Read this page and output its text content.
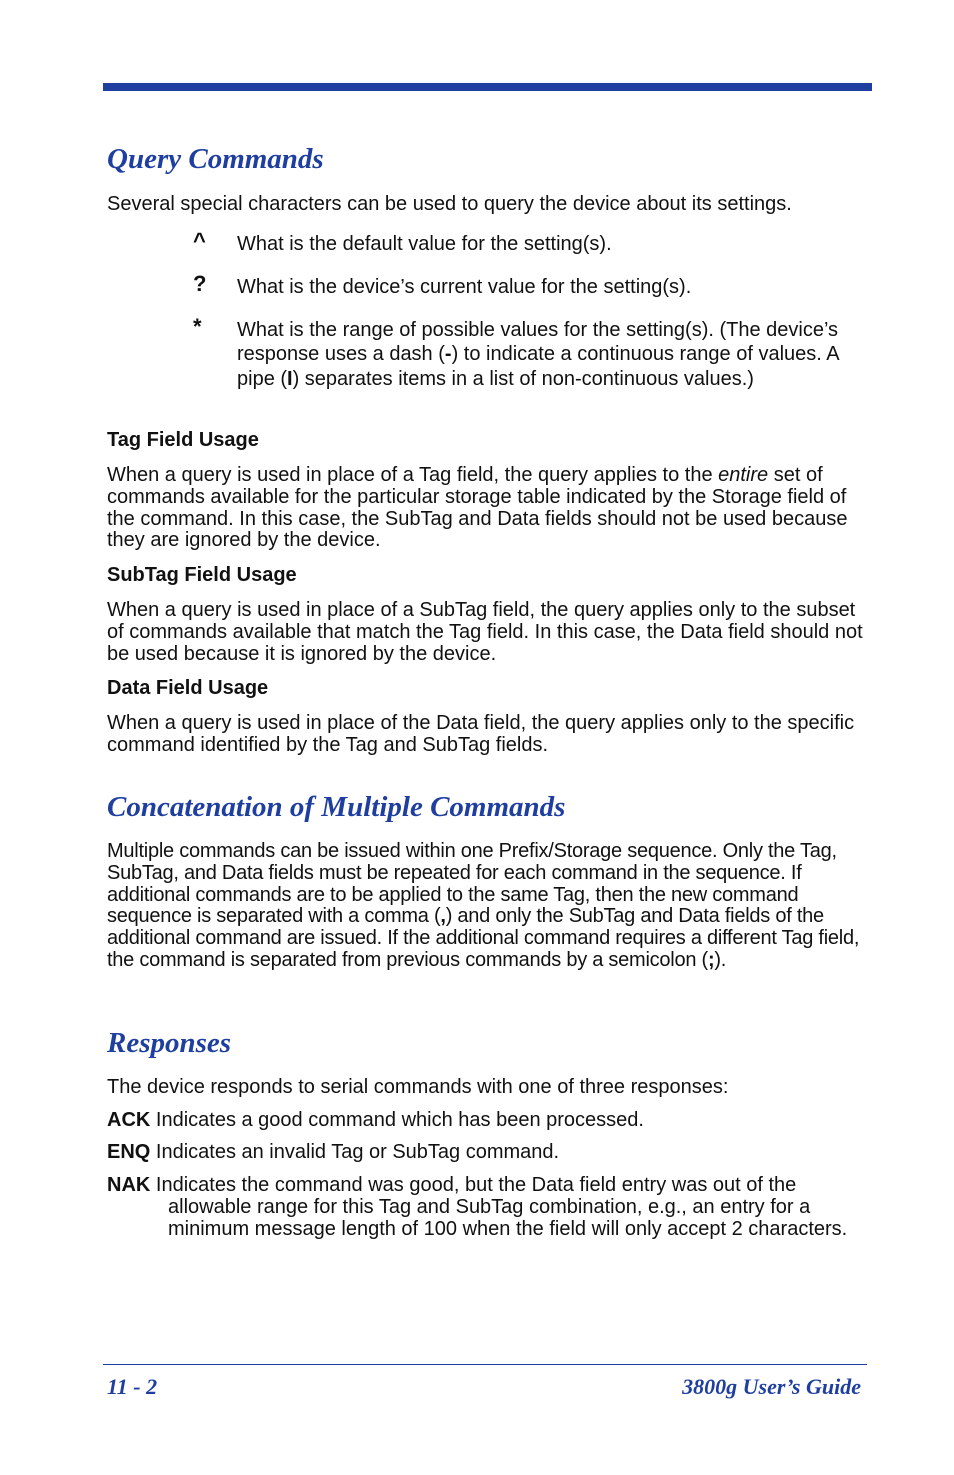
Query Commands

Several special characters can be used to query the device about its settings.

^ What is the default value for the setting(s).

? What is the device’s current value for the setting(s).

* What is the range of possible values for the setting(s). (The device’s response uses a dash (-) to indicate a continuous range of values. A pipe (I) separates items in a list of non-continuous values.)

Tag Field Usage

When a query is used in place of a Tag field, the query applies to the entire set of commands available for the particular storage table indicated by the Storage field of the command. In this case, the SubTag and Data fields should not be used because they are ignored by the device.

SubTag Field Usage

When a query is used in place of a SubTag field, the query applies only to the subset of commands available that match the Tag field. In this case, the Data field should not be used because it is ignored by the device.

Data Field Usage

When a query is used in place of the Data field, the query applies only to the specific command identified by the Tag and SubTag fields.

Concatenation of Multiple Commands

Multiple commands can be issued within one Prefix/Storage sequence. Only the Tag, SubTag, and Data fields must be repeated for each command in the sequence. If additional commands are to be applied to the same Tag, then the new command sequence is separated with a comma (,) and only the SubTag and Data fields of the additional command are issued. If the additional command requires a different Tag field, the command is separated from previous commands by a semicolon (;).

Responses

The device responds to serial commands with one of three responses:

ACK Indicates a good command which has been processed.

ENQ Indicates an invalid Tag or SubTag command.

NAK Indicates the command was good, but the Data field entry was out of the
allowable range for this Tag and SubTag combination, e.g., an entry for a minimum message length of 100 when the field will only accept 2 characters.
11 - 2	3800g User’s Guide
